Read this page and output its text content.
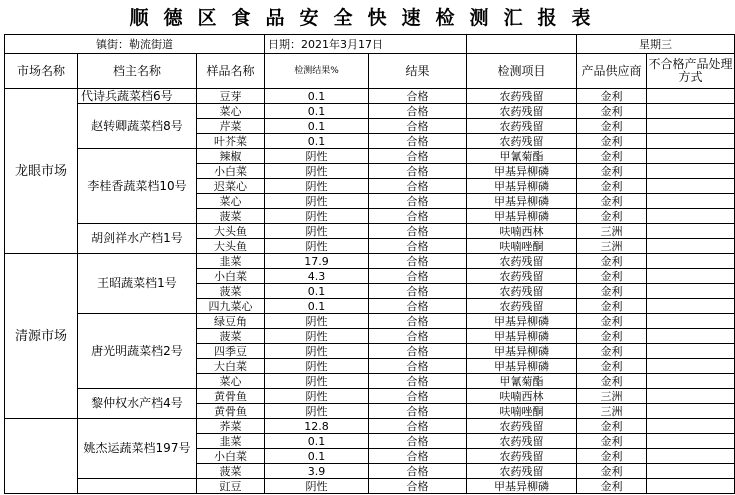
顺德区食品安全快速检测汇报表
镇街：勒流街道			日期：2021年3月17日			星期三	
市场名称	档主名称	样品名称	检测结果%	结果	检测项目	产品供应商	不合格产品处理方式
龙眼市场	代诗兵蔬菜档6号	豆芽	0.1	合格	农药残留	金利	
	赵转卿蔬菜档8号	菜心	0.1	合格	农药残留	金利	
		芹菜	0.1	合格	农药残留	金利	
		叶芥菜	0.1	合格	农药残留	金利	
	李桂香蔬菜档10号	辣椒	阴性	合格	甲氰菊酯	金利	
		小白菜	阴性	合格	甲基异柳磷	金利	
		迟菜心	阴性	合格	甲基异柳磷	金利	
		菜心	阴性	合格	甲基异柳磷	金利	
		菠菜	阴性	合格	甲基异柳磷	金利	
	胡剑祥水产档1号	大头鱼	阴性	合格	呋喃西林	三洲	
		大头鱼	阴性	合格	呋喃唑酮	三洲	
清源市场	王昭蔬菜档1号	韭菜	17.9	合格	农药残留	金利	
		小白菜	4.3	合格	农药残留	金利	
		菠菜	0.1	合格	农药残留	金利	
		四九菜心	0.1	合格	农药残留	金利	
	唐光明蔬菜档2号	绿豆角	阴性	合格	甲基异柳磷	金利	
		菠菜	阴性	合格	甲基异柳磷	金利	
		四季豆	阴性	合格	甲基异柳磷	金利	
		大白菜	阴性	合格	甲基异柳磷	金利	
		菜心	阴性	合格	甲氰菊酯	金利	
	黎仲权水产档4号	黄骨鱼	阴性	合格	呋喃西林	三洲	
		黄骨鱼	阴性	合格	呋喃唑酮	三洲	
	姚杰运蔬菜档197号	荞菜	12.8	合格	农药残留	金利	
		韭菜	0.1	合格	农药残留	金利	
		小白菜	0.1	合格	农药残留	金利	
		菠菜	3.9	合格	农药残留	金利	
		豇豆	阴性	合格	甲基异柳磷	金利	
